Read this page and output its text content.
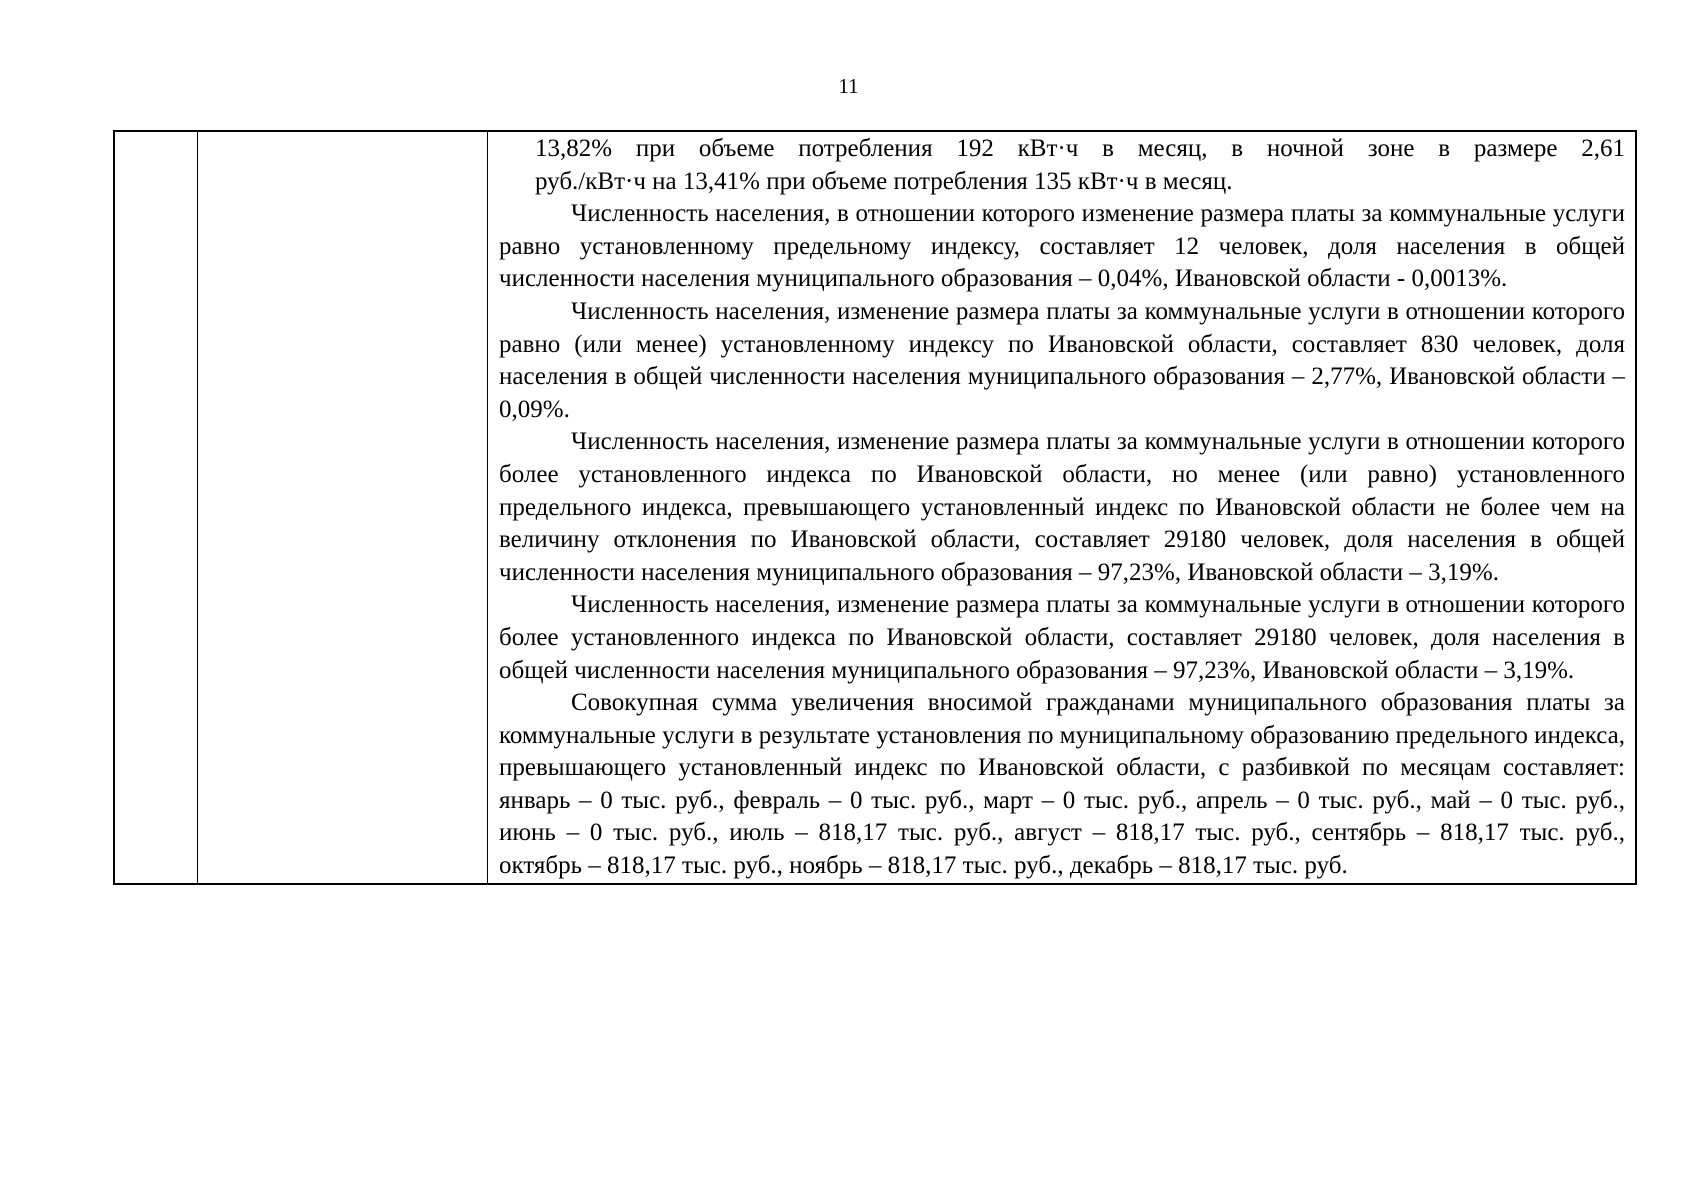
11

13,82% при объеме потребления 192 кВт·ч в месяц, в ночной зоне в размере 2,61
руб./кВт·ч на 13,41% при объеме потребления 135 кВт·ч в месяц.

Численность населения, в отношении которого изменение размера платы за коммунальные услуги равно установленному предельному индексу, составляет 12 человек, доля населения в общей численности населения муниципального образования – 0,04%, Ивановской области - 0,0013%.

Численность населения, изменение размера платы за коммунальные услуги в отношении которого равно (или менее) установленному индексу по Ивановской области, составляет 830 человек, доля населения в общей численности населения муниципального образования – 2,77%, Ивановской области – 0,09%.

Численность населения, изменение размера платы за коммунальные услуги в отношении которого более установленного индекса по Ивановской области, но менее (или равно) установленного предельного индекса, превышающего установленный индекс по Ивановской области не более чем на величину отклонения по Ивановской области, составляет 29180 человек, доля населения в общей численности населения муниципального образования – 97,23%, Ивановской области – 3,19%.

Численность населения, изменение размера платы за коммунальные услуги в отношении которого более установленного индекса по Ивановской области, составляет 29180 человек, доля населения в общей численности населения муниципального образования – 97,23%, Ивановской области – 3,19%.

Совокупная сумма увеличения вносимой гражданами муниципального образования платы за коммунальные услуги в результате установления по муниципальному образованию предельного индекса, превышающего установленный индекс по Ивановской области, с разбивкой по месяцам составляет: январь – 0 тыс. руб., февраль – 0 тыс. руб., март – 0 тыс. руб., апрель – 0 тыс. руб., май – 0 тыс. руб., июнь – 0 тыс. руб., июль – 818,17 тыс. руб., август – 818,17 тыс. руб., сентябрь – 818,17 тыс. руб., октябрь – 818,17 тыс. руб., ноябрь – 818,17 тыс. руб., декабрь – 818,17 тыс. руб.
